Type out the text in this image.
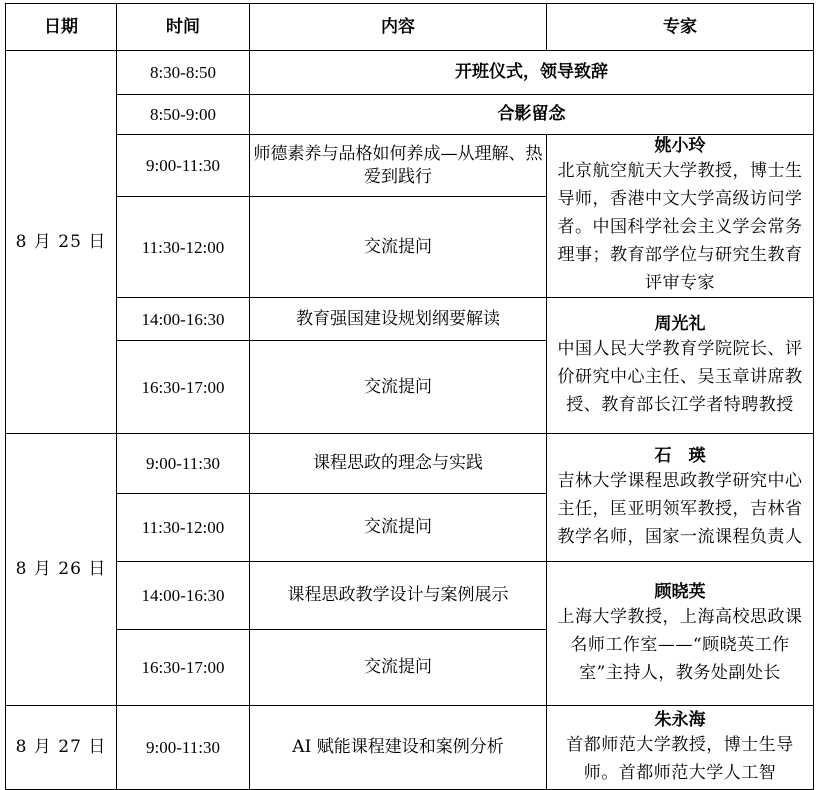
日期	时间	内容	专家
8 月 25 日	8:30-8:50	开班仪式，领导致辞	
	8:50-9:00	合影留念	
	9:00-11:30	师德素养与品格如何养成—从理解、热爱到践行	姚小玲
北京航空航天大学教授，博士生导师，香港中文大学高级访问学者。中国科学社会主义学会常务理事；教育部学位与研究生教育评审专家

	11:30-12:00	交流提问	
	14:00-16:30	教育强国建设规划纲要解读	周光礼
中国人民大学教育学院院长、评价研究中心主任、吴玉章讲席教授、教育部长江学者特聘教授

	16:30-17:00	交流提问	
8 月 26 日	9:00-11:30	课程思政的理念与实践	石　瑛
吉林大学课程思政教学研究中心主任，匡亚明领军教授，吉林省教学名师，国家一流课程负责人

	11:30-12:00	交流提问	
	14:00-16:30	课程思政教学设计与案例展示	顾晓英
上海大学教授，上海高校思政课名师工作室——“顾晓英工作室”主持人，教务处副处长

	16:30-17:00	交流提问	
8 月 27 日	9:00-11:30	AI 赋能课程建设和案例分析	朱永海
首都师范大学教授，博士生导师。首都师范大学人工智
